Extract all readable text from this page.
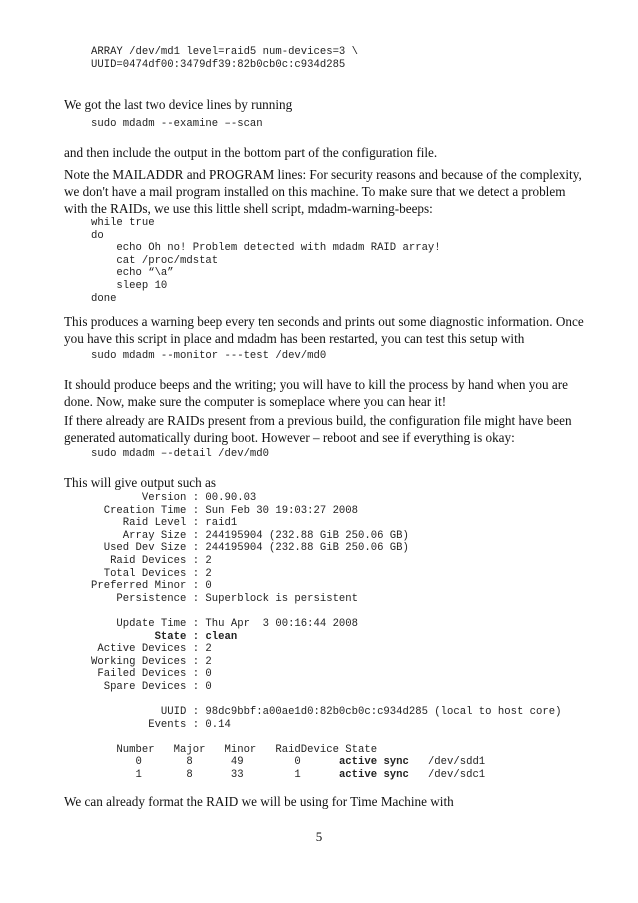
ARRAY /dev/md1 level=raid5 num-devices=3 \
UUID=0474df00:3479df39:82b0cb0c:c934d285

We got the last two device lines by running

sudo mdadm --examine –-scan

and then include the output in the bottom part of the configuration file.

Note the MAILADDR and PROGRAM lines: For security reasons and because of the complexity, we don't have a mail program installed on this machine. To make sure that we detect a problem with the RAIDs, we use this little shell script, mdadm-warning-beeps:

while true
do
echo Oh no! Problem detected with mdadm RAID array!
cat /proc/mdstat
echo “\a”
sleep 10
done

This produces a warning beep every ten seconds and prints out some diagnostic information. Once you have this script in place and mdadm has been restarted, you can test this setup with

sudo mdadm --monitor ---test /dev/md0

It should produce beeps and the writing; you will have to kill the process by hand when you are done. Now, make sure the computer is someplace where you can hear it!

If there already are RAIDs present from a previous build, the configuration file might have been generated automatically during boot. However – reboot and see if everything is okay:

sudo mdadm –-detail /dev/md0

This will give output such as

Version : 00.90.03
Creation Time : Sun Feb 30 19:03:27 2008
Raid Level : raid1
Array Size : 244195904 (232.88 GiB 250.06 GB)
Used Dev Size : 244195904 (232.88 GiB 250.06 GB)
Raid Devices : 2
Total Devices : 2
Preferred Minor : 0
Persistence : Superblock is persistent

Update Time : Thu Apr  3 00:16:44 2008
State : clean
Active Devices : 2
Working Devices : 2
Failed Devices : 0
Spare Devices : 0

UUID : 98dc9bbf:a00ae1d0:82b0cb0c:c934d285 (local to host core)
Events : 0.14

Number   Major   Minor   RaidDevice State
0       8      49        0      active sync   /dev/sdd1
1       8      33        1      active sync   /dev/sdc1

We can already format the RAID we will be using for Time Machine with

5
